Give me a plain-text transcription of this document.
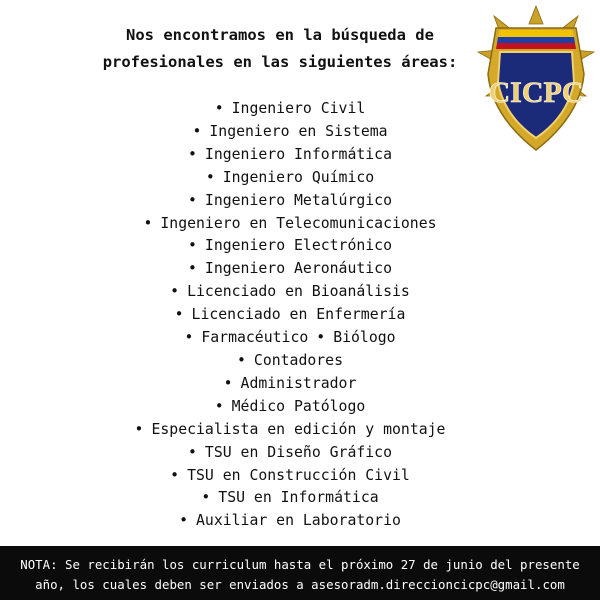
Nos encontramos en la búsqueda de
profesionales en las siguientes áreas:
CICPC
• Ingeniero Civil
• Ingeniero en Sistema
• Ingeniero Informática
• Ingeniero Químico
• Ingeniero Metalúrgico
• Ingeniero en Telecomunicaciones
• Ingeniero Electrónico
• Ingeniero Aeronáutico
• Licenciado en Bioanálisis
• Licenciado en Enfermería
• Farmacéutico • Biólogo
• Contadores
• Administrador
• Médico Patólogo
• Especialista en edición y montaje
• TSU en Diseño Gráfico
• TSU en Construcción Civil
• TSU en Informática
• Auxiliar en Laboratorio
NOTA: Se recibirán los curriculum hasta el próximo 27 de junio del presente
año, los cuales deben ser enviados a asesoradm.direccioncicpc@gmail.com
